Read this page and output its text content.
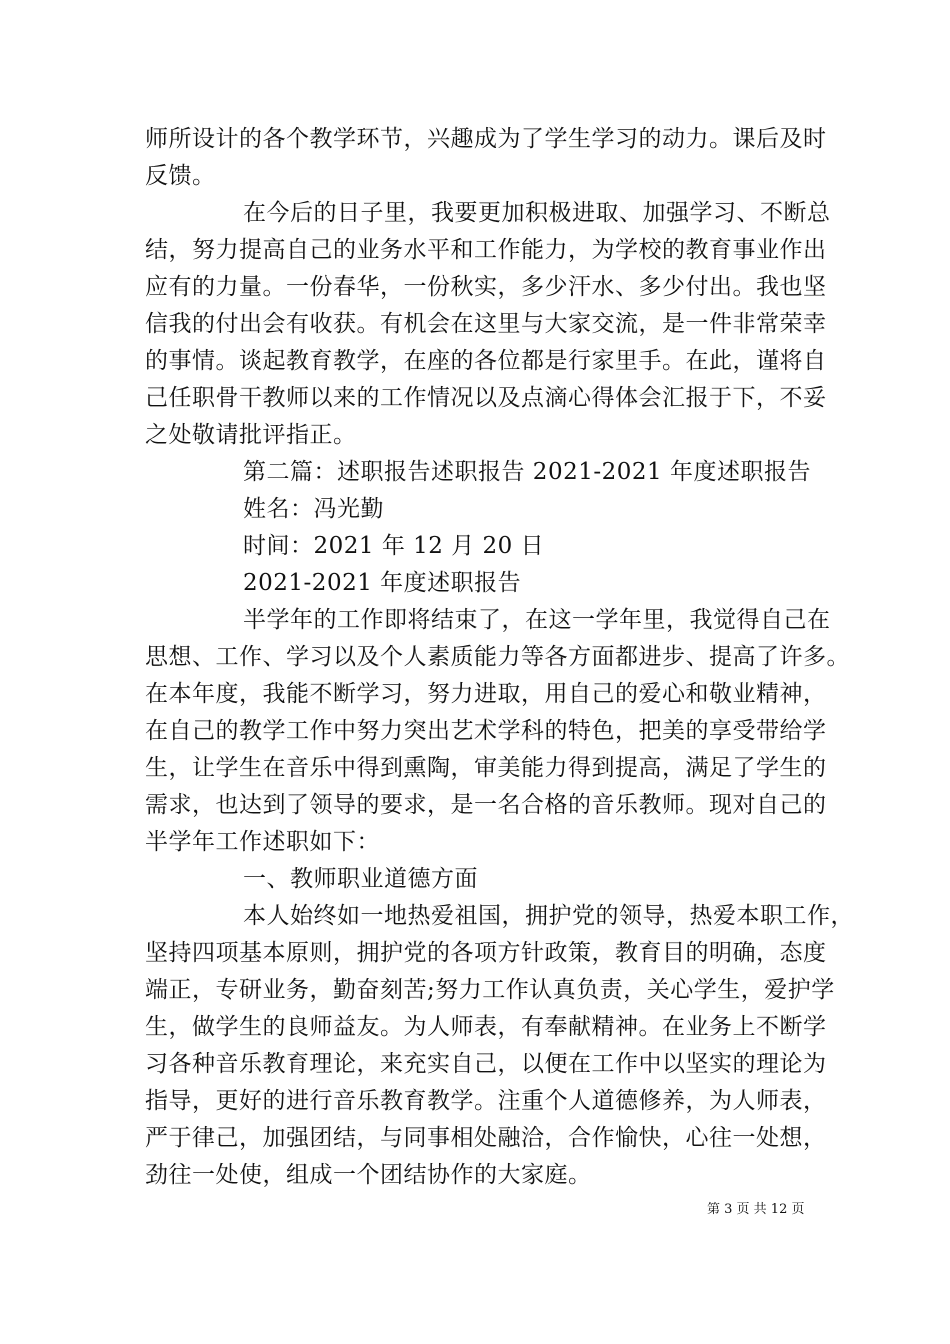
师所设计的各个教学环节，兴趣成为了学生学习的动力。课后及时
反馈。
在今后的日子里，我要更加积极进取、加强学习、不断总
结，努力提高自己的业务水平和工作能力，为学校的教育事业作出
应有的力量。一份春华，一份秋实，多少汗水、多少付出。我也坚
信我的付出会有收获。有机会在这里与大家交流，是一件非常荣幸
的事情。谈起教育教学，在座的各位都是行家里手。在此，谨将自
己任职骨干教师以来的工作情况以及点滴心得体会汇报于下，不妥
之处敬请批评指正。
第二篇：述职报告述职报告 2021-2021 年度述职报告
姓名：冯光勤
时间：2021 年 12 月 20 日
2021-2021 年度述职报告
半学年的工作即将结束了，在这一学年里，我觉得自己在
思想、工作、学习以及个人素质能力等各方面都进步、提高了许多。
在本年度，我能不断学习，努力进取，用自己的爱心和敬业精神，
在自己的教学工作中努力突出艺术学科的特色，把美的享受带给学
生，让学生在音乐中得到熏陶，审美能力得到提高，满足了学生的
需求，也达到了领导的要求，是一名合格的音乐教师。现对自己的
半学年工作述职如下：
一、教师职业道德方面
本人始终如一地热爱祖国，拥护党的领导，热爱本职工作，
坚持四项基本原则，拥护党的各项方针政策，教育目的明确，态度
端正，专研业务，勤奋刻苦;努力工作认真负责，关心学生，爱护学
生，做学生的良师益友。为人师表，有奉献精神。在业务上不断学
习各种音乐教育理论，来充实自己，以便在工作中以坚实的理论为
指导，更好的进行音乐教育教学。注重个人道德修养，为人师表，
严于律己，加强团结，与同事相处融洽，合作愉快，心往一处想，
劲往一处使，组成一个团结协作的大家庭。
第 3 页 共 12 页
